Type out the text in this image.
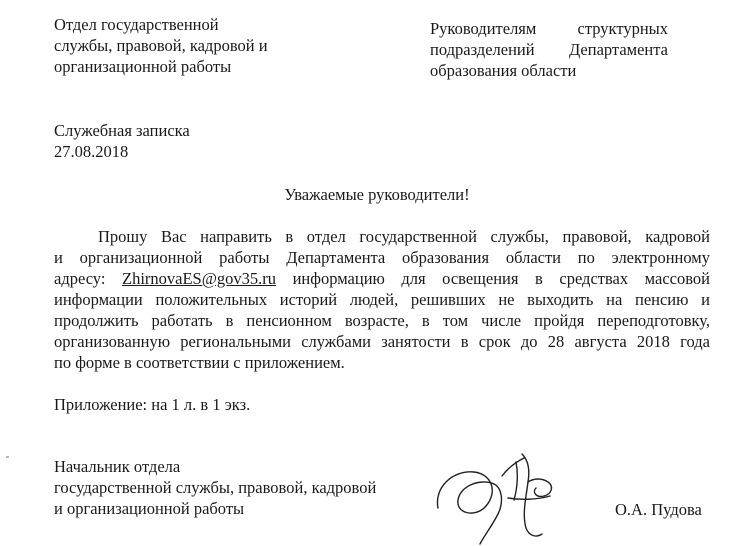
Отдел государственной
службы, правовой, кадровой и
организационной работы
Руководителям структурных
подразделений Департамента
образования области
Служебная записка
27.08.2018
Уважаемые руководители!
Прошу Вас направить в отдел государственной службы, правовой, кадровой
и организационной работы Департамента образования области по электронному
адресу: ZhirnovaES@gov35.ru информацию для освещения в средствах массовой
информации положительных историй людей, решивших не выходить на пенсию и
продолжить работать в пенсионном возрасте, в том числе пройдя переподготовку,
организованную региональными службами занятости в срок до 28 августа 2018 года
по форме в соответствии с приложением.
Приложение: на 1 л. в 1 экз.
Начальник отдела
государственной службы, правовой, кадровой
и организационной работы	О.А. Пудова
